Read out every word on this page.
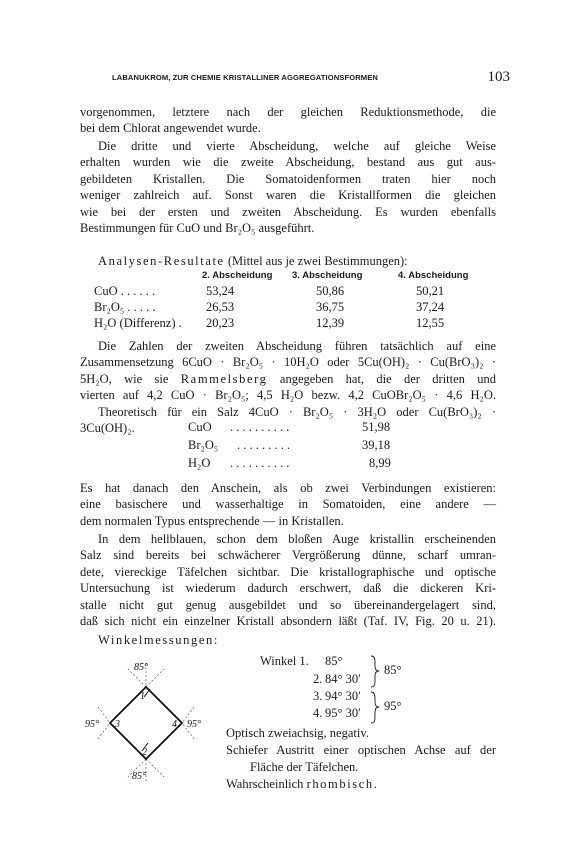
LABANUKROM, ZUR CHEMIE KRISTALLINER AGGREGATIONSFORMEN	103
vorgenommen, letztere nach der gleichen Reduktionsmethode, die
bei dem Chlorat angewendet wurde.
Die dritte und vierte Abscheidung, welche auf gleiche Weise
erhalten wurden wie die zweite Abscheidung, bestand aus gut aus-
gebildeten Kristallen. Die Somatoidenformen traten hier noch
weniger zahlreich auf. Sonst waren die Kristallformen die gleichen
wie bei der ersten und zweiten Abscheidung. Es wurden ebenfalls
Bestimmungen für CuO und Br₂O₅ ausgeführt.
Analysen-Resultate (Mittel aus je zwei Bestimmungen):
2. Abscheidung 3. Abscheidung	4. Abscheidung
CuO . . . . . .	53,24	50,86	50,21
Br₂O₅ . . . . .	26,53	36,75	37,24
H₂O (Differenz) . 20,23	12,39	12,55
Die Zahlen der zweiten Abscheidung führen tatsächlich auf eine
Zusammensetzung 6CuO · Br₂O₅ · 10H₂O oder 5Cu(OH)₂ · Cu(BrO₃)₂ ·
5H₂O, wie sie Rammelsberg angegeben hat, die der dritten und
vierten auf 4,2 CuO · Br₂O₅; 4,5 H₂O bezw. 4,2 CuOBr₂O₅ · 4,6 H₂O.
Theoretisch für ein Salz 4CuO · Br₂O₅ · 3H₂O oder Cu(BrO₃)₂ ·
3Cu(OH)₂.	CuO . . . . . . . . . .	51,98
Br₂O₅ . . . . . . . . .	39,18
H₂O . . . . . . . . . .	8,99
Es hat danach den Anschein, als ob zwei Verbindungen existieren:
eine basischere und wasserhaltige in Somatoiden, eine andere —
dem normalen Typus entsprechende — in Kristallen.
In dem hellblauen, schon dem bloßen Auge kristallin erscheinenden
Salz sind bereits bei schwächerer Vergrößerung dünne, scharf umran-
dete, viereckige Täfelchen sichtbar. Die kristallographische und optische
Untersuchung ist wiederum dadurch erschwert, daß die dickeren Kri-
stalle nicht gut genug ausgebildet und so übereinandergelagert sind,
daß sich nicht ein einzelner Kristall absondern läßt (Taf. IV, Fig. 20 u. 21).
Winkelmessungen:
Winkel 1. 85°
2. 84° 30′
3. 94° 30′
4. 95° 30′
85°
95°
Optisch zweiachsig, negativ.
Schiefer Austritt einer optischen Achse auf der
Fläche der Täfelchen.
Wahrscheinlich rhombisch.
85°
85°
95°	95°
1
2
3	4
